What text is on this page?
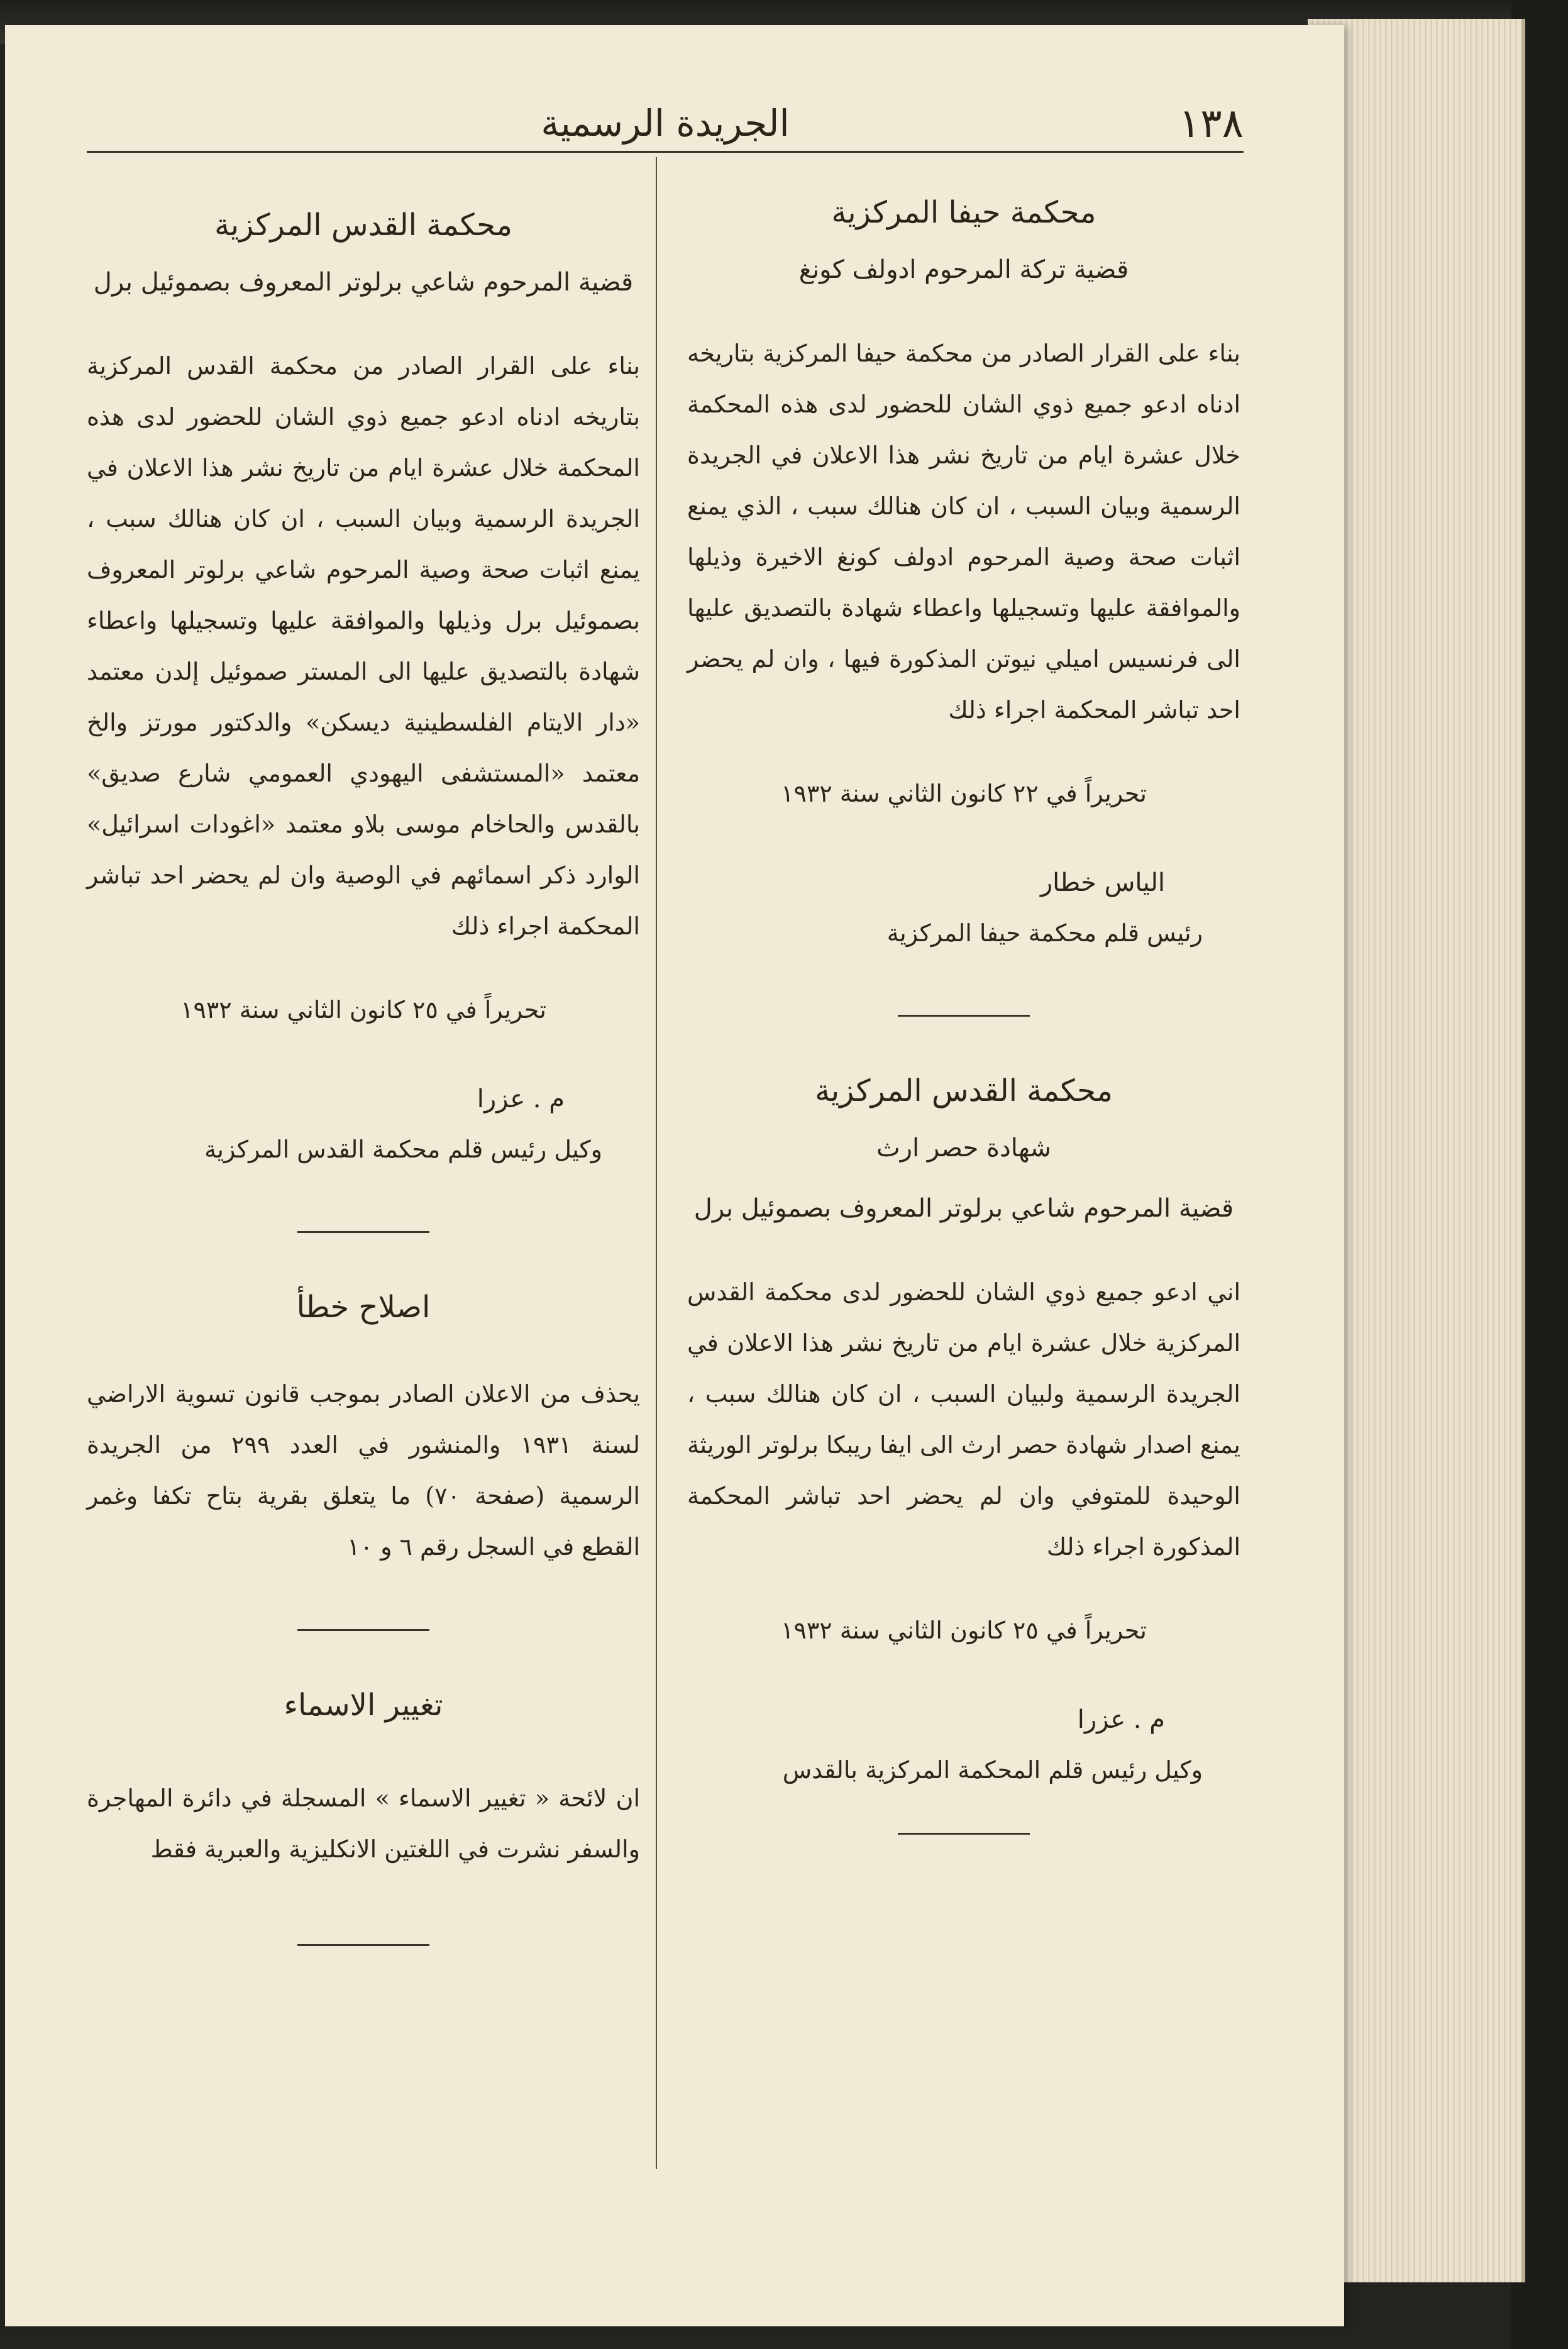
١٣٨
الجريدة الرسمية
محكمة حيفا المركزية
قضية تركة المرحوم ادولف كونغ

بناء على القرار الصادر من محكمة حيفا المركزية بتاريخه ادناه ادعو جميع ذوي الشان للحضور لدى هذه المحكمة خلال عشرة ايام من تاريخ نشر هذا الاعلان في الجريدة الرسمية وبيان السبب ، ان كان هنالك سبب ، الذي يمنع اثبات صحة وصية المرحوم ادولف كونغ الاخيرة وذيلها والموافقة عليها وتسجيلها واعطاء شهادة بالتصديق عليها الى فرنسيس اميلي نيوتن المذكورة فيها ، وان لم يحضر احد تباشر المحكمة اجراء ذلك

تحريراً في ٢٢ كانون الثاني سنة ١٩٣٢
الياس خطار
رئيس قلم محكمة حيفا المركزية
محكمة القدس المركزية
شهادة حصر ارث
قضية المرحوم شاعي برلوتر المعروف بصموئيل برل

اني ادعو جميع ذوي الشان للحضور لدى محكمة القدس المركزية خلال عشرة ايام من تاريخ نشر هذا الاعلان في الجريدة الرسمية ولبيان السبب ، ان كان هنالك سبب ، يمنع اصدار شهادة حصر ارث الى ايفا ريبكا برلوتر الوريثة الوحيدة للمتوفي وان لم يحضر احد تباشر المحكمة المذكورة اجراء ذلك

تحريراً في ٢٥ كانون الثاني سنة ١٩٣٢
م . عزرا
وكيل رئيس قلم المحكمة المركزية بالقدس
محكمة القدس المركزية
قضية المرحوم شاعي برلوتر المعروف بصموئيل برل

بناء على القرار الصادر من محكمة القدس المركزية بتاريخه ادناه ادعو جميع ذوي الشان للحضور لدى هذه المحكمة خلال عشرة ايام من تاريخ نشر هذا الاعلان في الجريدة الرسمية وبيان السبب ، ان كان هنالك سبب ، يمنع اثبات صحة وصية المرحوم شاعي برلوتر المعروف بصموئيل برل وذيلها والموافقة عليها وتسجيلها واعطاء شهادة بالتصديق عليها الى المستر صموئيل إلدن معتمد «دار الايتام الفلسطينية ديسكن» والدكتور مورتز والخ معتمد «المستشفى اليهودي العمومي شارع صديق» بالقدس والحاخام موسى بلاو معتمد «اغودات اسرائيل» الوارد ذكر اسمائهم في الوصية وان لم يحضر احد تباشر المحكمة اجراء ذلك

تحريراً في ٢٥ كانون الثاني سنة ١٩٣٢
م . عزرا
وكيل رئيس قلم محكمة القدس المركزية
اصلاح خطأ

يحذف من الاعلان الصادر بموجب قانون تسوية الاراضي لسنة ١٩٣١ والمنشور في العدد ٢٩٩ من الجريدة الرسمية (صفحة ٧٠) ما يتعلق بقرية بتاح تكفا وغمر القطع في السجل رقم ٦ و ١٠

تغيير الاسماء

ان لائحة « تغيير الاسماء » المسجلة في دائرة المهاجرة والسفر نشرت في اللغتين الانكليزية والعبرية فقط
